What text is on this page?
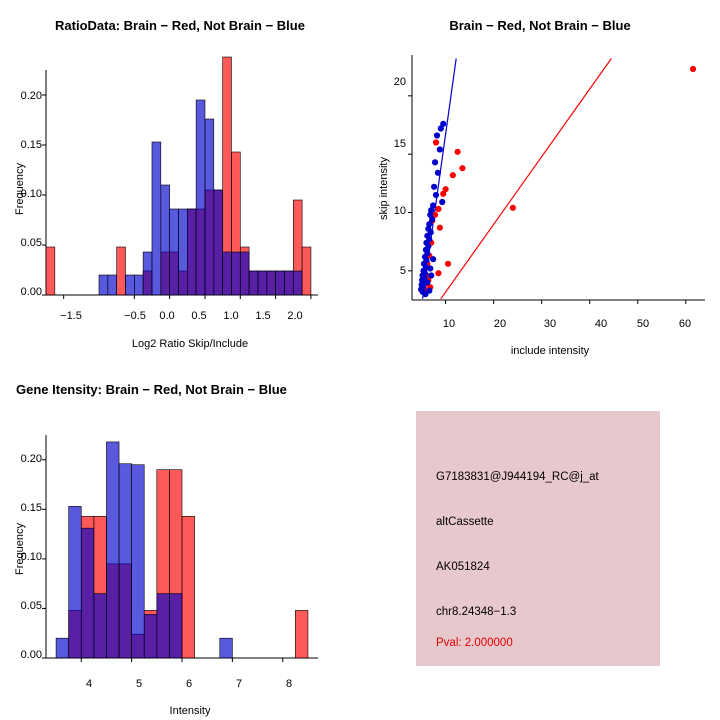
RatioData: Brain − Red, Not Brain − Blue
Frequency
Log2 Ratio Skip/Include
0.00
0.05
0.10
0.15
0.20
−1.5	−0.5 0.0 0.5 1.0 1.5 2.0
Brain − Red, Not Brain − Blue
skip intensity
include intensity
5
10
15
20
10	20	30	40	50	60
Gene Itensity: Brain − Red, Not Brain − Blue
Frequency
Intensity
0.00
0.05
0.10
0.15
0.20
4	5	6	7	8
G7183831@J944194_RC@j_at
altCassette
AK051824
chr8.24348−1.3
Pval: 2.000000
